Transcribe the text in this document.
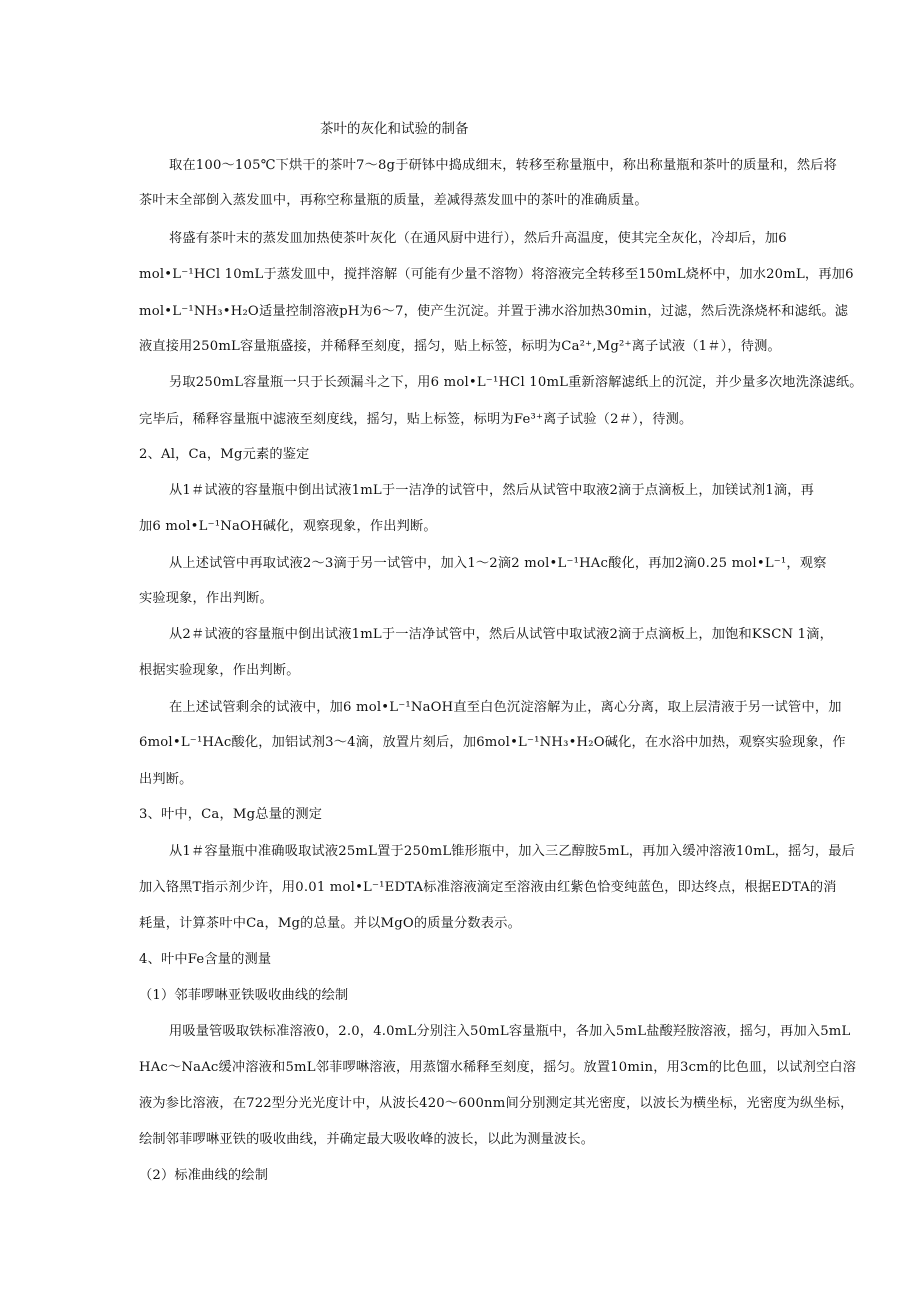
茶叶的灰化和试验的制备
取在100～105℃下烘干的茶叶7～8g于研钵中捣成细末，转移至称量瓶中，称出称量瓶和茶叶的质量和，然后将
茶叶末全部倒入蒸发皿中，再称空称量瓶的质量，差减得蒸发皿中的茶叶的准确质量。
将盛有茶叶末的蒸发皿加热使茶叶灰化（在通风厨中进行），然后升高温度，使其完全灰化，冷却后，加6
mol•L⁻¹HCl 10mL于蒸发皿中，搅拌溶解（可能有少量不溶物）将溶液完全转移至150mL烧杯中，加水20mL，再加6
mol•L⁻¹NH₃•H₂O适量控制溶液pH为6～7，使产生沉淀。并置于沸水浴加热30min，过滤，然后洗涤烧杯和滤纸。滤
液直接用250mL容量瓶盛接，并稀释至刻度，摇匀，贴上标签，标明为Ca²⁺,Mg²⁺离子试液（1＃），待测。
另取250mL容量瓶一只于长颈漏斗之下，用6 mol•L⁻¹HCl 10mL重新溶解滤纸上的沉淀，并少量多次地洗涤滤纸。
完毕后，稀释容量瓶中滤液至刻度线，摇匀，贴上标签，标明为Fe³⁺离子试验（2＃），待测。
2、Al，Ca，Mg元素的鉴定
从1＃试液的容量瓶中倒出试液1mL于一洁净的试管中，然后从试管中取液2滴于点滴板上，加镁试剂1滴，再
加6 mol•L⁻¹NaOH碱化，观察现象，作出判断。
从上述试管中再取试液2～3滴于另一试管中，加入1～2滴2 mol•L⁻¹HAc酸化，再加2滴0.25 mol•L⁻¹，观察
实验现象，作出判断。
从2＃试液的容量瓶中倒出试液1mL于一洁净试管中，然后从试管中取试液2滴于点滴板上，加饱和KSCN 1滴，
根据实验现象，作出判断。
在上述试管剩余的试液中，加6 mol•L⁻¹NaOH直至白色沉淀溶解为止，离心分离，取上层清液于另一试管中，加
6mol•L⁻¹HAc酸化，加铝试剂3～4滴，放置片刻后，加6mol•L⁻¹NH₃•H₂O碱化，在水浴中加热，观察实验现象，作
出判断。
3、叶中，Ca，Mg总量的测定
从1＃容量瓶中准确吸取试液25mL置于250mL锥形瓶中，加入三乙醇胺5mL，再加入缓冲溶液10mL，摇匀，最后
加入铬黑T指示剂少许，用0.01 mol•L⁻¹EDTA标准溶液滴定至溶液由红紫色恰变纯蓝色，即达终点，根据EDTA的消
耗量，计算茶叶中Ca，Mg的总量。并以MgO的质量分数表示。
4、叶中Fe含量的测量
（1）邻菲啰啉亚铁吸收曲线的绘制
用吸量管吸取铁标准溶液0，2.0，4.0mL分别注入50mL容量瓶中，各加入5mL盐酸羟胺溶液，摇匀，再加入5mL
HAc～NaAc缓冲溶液和5mL邻菲啰啉溶液，用蒸馏水稀释至刻度，摇匀。放置10min，用3cm的比色皿，以试剂空白溶
液为参比溶液，在722型分光光度计中，从波长420～600nm间分别测定其光密度，以波长为横坐标，光密度为纵坐标，
绘制邻菲啰啉亚铁的吸收曲线，并确定最大吸收峰的波长，以此为测量波长。
（2）标准曲线的绘制
